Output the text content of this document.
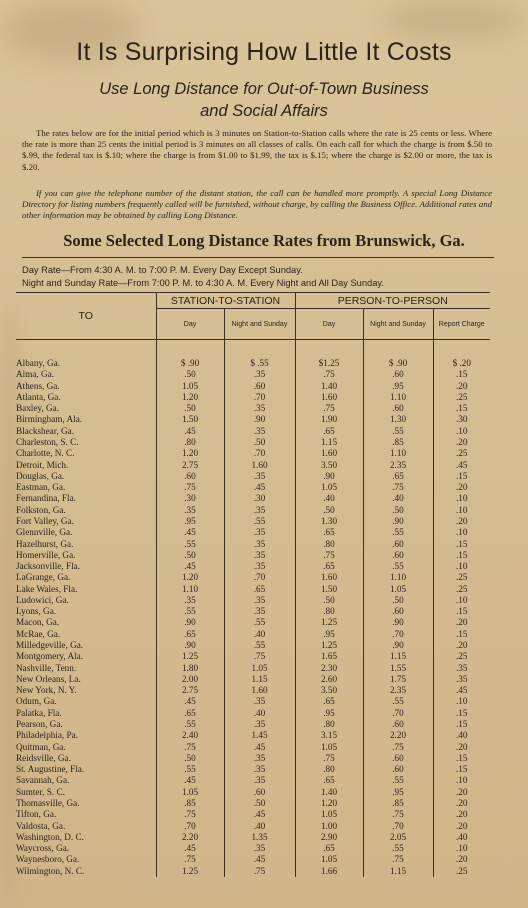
It Is Surprising How Little It Costs
Use Long Distance for Out-of-Town Business
and Social Affairs
The rates below are for the initial period which is 3 minutes on Station-to-Station calls where the rate is 25 cents or less. Where the rate is more than 25 cents the initial period is 3 minutes on all classes of calls. On each call for which the charge is from $.50 to $.99, the federal tax is $.10; where the charge is from $1.00 to $1.99, the tax is $.15; where the charge is $2.00 or more, the tax is $.20.
If you can give the telephone number of the distant station, the call can be handled more promptly. A special Long Distance Directory for listing numbers frequently called will be furnished, without charge, by calling the Business Office. Additional rates and other information may be obtained by calling Long Distance.
Some Selected Long Distance Rates from Brunswick, Ga.
Day Rate—From 4:30 A. M. to 7:00 P. M. Every Day Except Sunday.
Night and Sunday Rate—From 7:00 P. M. to 4:30 A. M. Every Night and All Day Sunday.
TO	STATION-TO-STATION		PERSON-TO-PERSON		
	Day	Night and Sunday	Day	Night and Sunday	Report Charge

Albany, Ga.	$ .90	$ .55	$1.25	$ .90	$ .20
Alma, Ga.	.50	.35	.75	.60	.15
Athens, Ga.	1.05	.60	1.40	.95	.20
Atlanta, Ga.	1.20	.70	1.60	1.10	.25
Baxley, Ga.	.50	.35	.75	.60	.15
Birmingham, Ala.	1.50	.90	1.90	1.30	.30
Blackshear, Ga.	.45	.35	.65	.55	.10
Charleston, S. C.	.80	.50	1.15	.85	.20
Charlotte, N. C.	1.20	.70	1.60	1.10	.25
Detroit, Mich.	2.75	1.60	3.50	2.35	.45
Douglas, Ga.	.60	.35	.90	.65	.15
Eastman, Ga.	.75	.45	1.05	.75	.20
Fernandina, Fla.	.30	.30	.40	.40	.10
Folkston, Ga.	.35	.35	.50	.50	.10
Fort Valley, Ga.	.95	.55	1.30	.90	.20
Glennville, Ga.	.45	.35	.65	.55	.10
Hazelhurst, Ga.	.55	.35	.80	.60	.15
Homerville, Ga.	.50	.35	.75	.60	.15
Jacksonville, Fla.	.45	.35	.65	.55	.10
LaGrange, Ga.	1.20	.70	1.60	1.10	.25
Lake Wales, Fla.	1.10	.65	1.50	1.05	.25
Ludowici, Ga.	.35	.35	.50	.50	.10
Lyons, Ga.	.55	.35	.80	.60	.15
Macon, Ga.	.90	.55	1.25	.90	.20
McRae, Ga.	.65	.40	.95	.70	.15
Milledgeville, Ga.	.90	.55	1.25	.90	.20
Montgomery, Ala.	1.25	.75	1.65	1.15	.25
Nashville, Tenn.	1.80	1.05	2.30	1.55	.35
New Orleans, La.	2.00	1.15	2.60	1.75	.35
New York, N. Y.	2.75	1.60	3.50	2.35	.45
Odum, Ga.	.45	.35	.65	.55	.10
Palatka, Fla.	.65	.40	.95	.70	.15
Pearson, Ga.	.55	.35	.80	.60	.15
Philadelphia, Pa.	2.40	1.45	3.15	2.20	.40
Quitman, Ga.	.75	.45	1.05	.75	.20
Reidsville, Ga.	.50	.35	.75	.60	.15
St. Augustine, Fla.	.55	.35	.80	.60	.15
Savannah, Ga.	.45	.35	.65	.55	.10
Sumter, S. C.	1.05	.60	1.40	.95	.20
Thomasville, Ga.	.85	.50	1.20	.85	.20
Tifton, Ga.	.75	.45	1.05	.75	.20
Valdosta, Ga.	.70	.40	1.00	.70	.20
Washington, D. C.	2.20	1.35	2.90	2.05	.40
Waycross, Ga.	.45	.35	.65	.55	.10
Waynesboro, Ga.	.75	.45	1.05	.75	.20
Wilmington, N. C.	1.25	.75	1.66	1.15	.25
